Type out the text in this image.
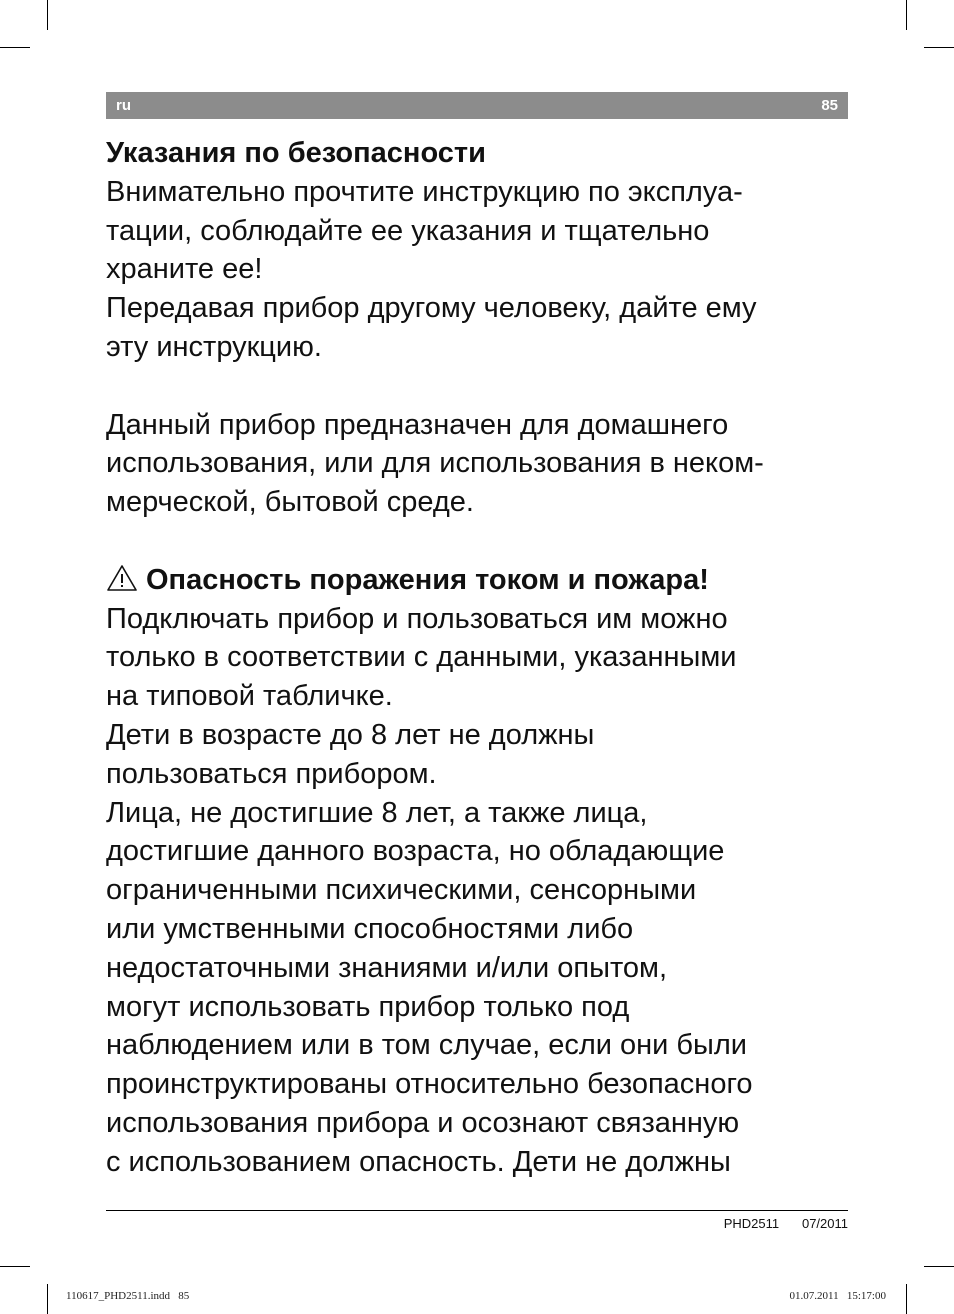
ru	85
Указания по безопасности
Внимательно прочтите инструкцию по эксплуа-
тации, соблюдайте ее указания и тщательно
храните ее!
Передавая прибор другому человеку, дайте ему
эту инструкцию.
Данный прибор предназначен для домашнего
использования, или для использования в неком-
мерческой, бытовой среде.
Опасность поражения током и пожара!
Подключать прибор и пользоваться им можно
только в соответствии с данными, указанными
на типовой табличке.
Дети в возрасте до 8 лет не должны
пользоваться прибором.
Лица, не достигшие 8 лет, а также лица,
достигшие данного возраста, но обладающие
ограниченными психическими, сенсорными
или умственными способностями либо
недостаточными знаниями и/или опытом,
могут использовать прибор только под
наблюдением или в том случае, если они были
проинструктированы относительно безопасного
использования прибора и осознают связанную
с использованием опасность. Дети не должны
PHD2511   07/2011
110617_PHD2511.indd   85	01.07.2011   15:17:00
